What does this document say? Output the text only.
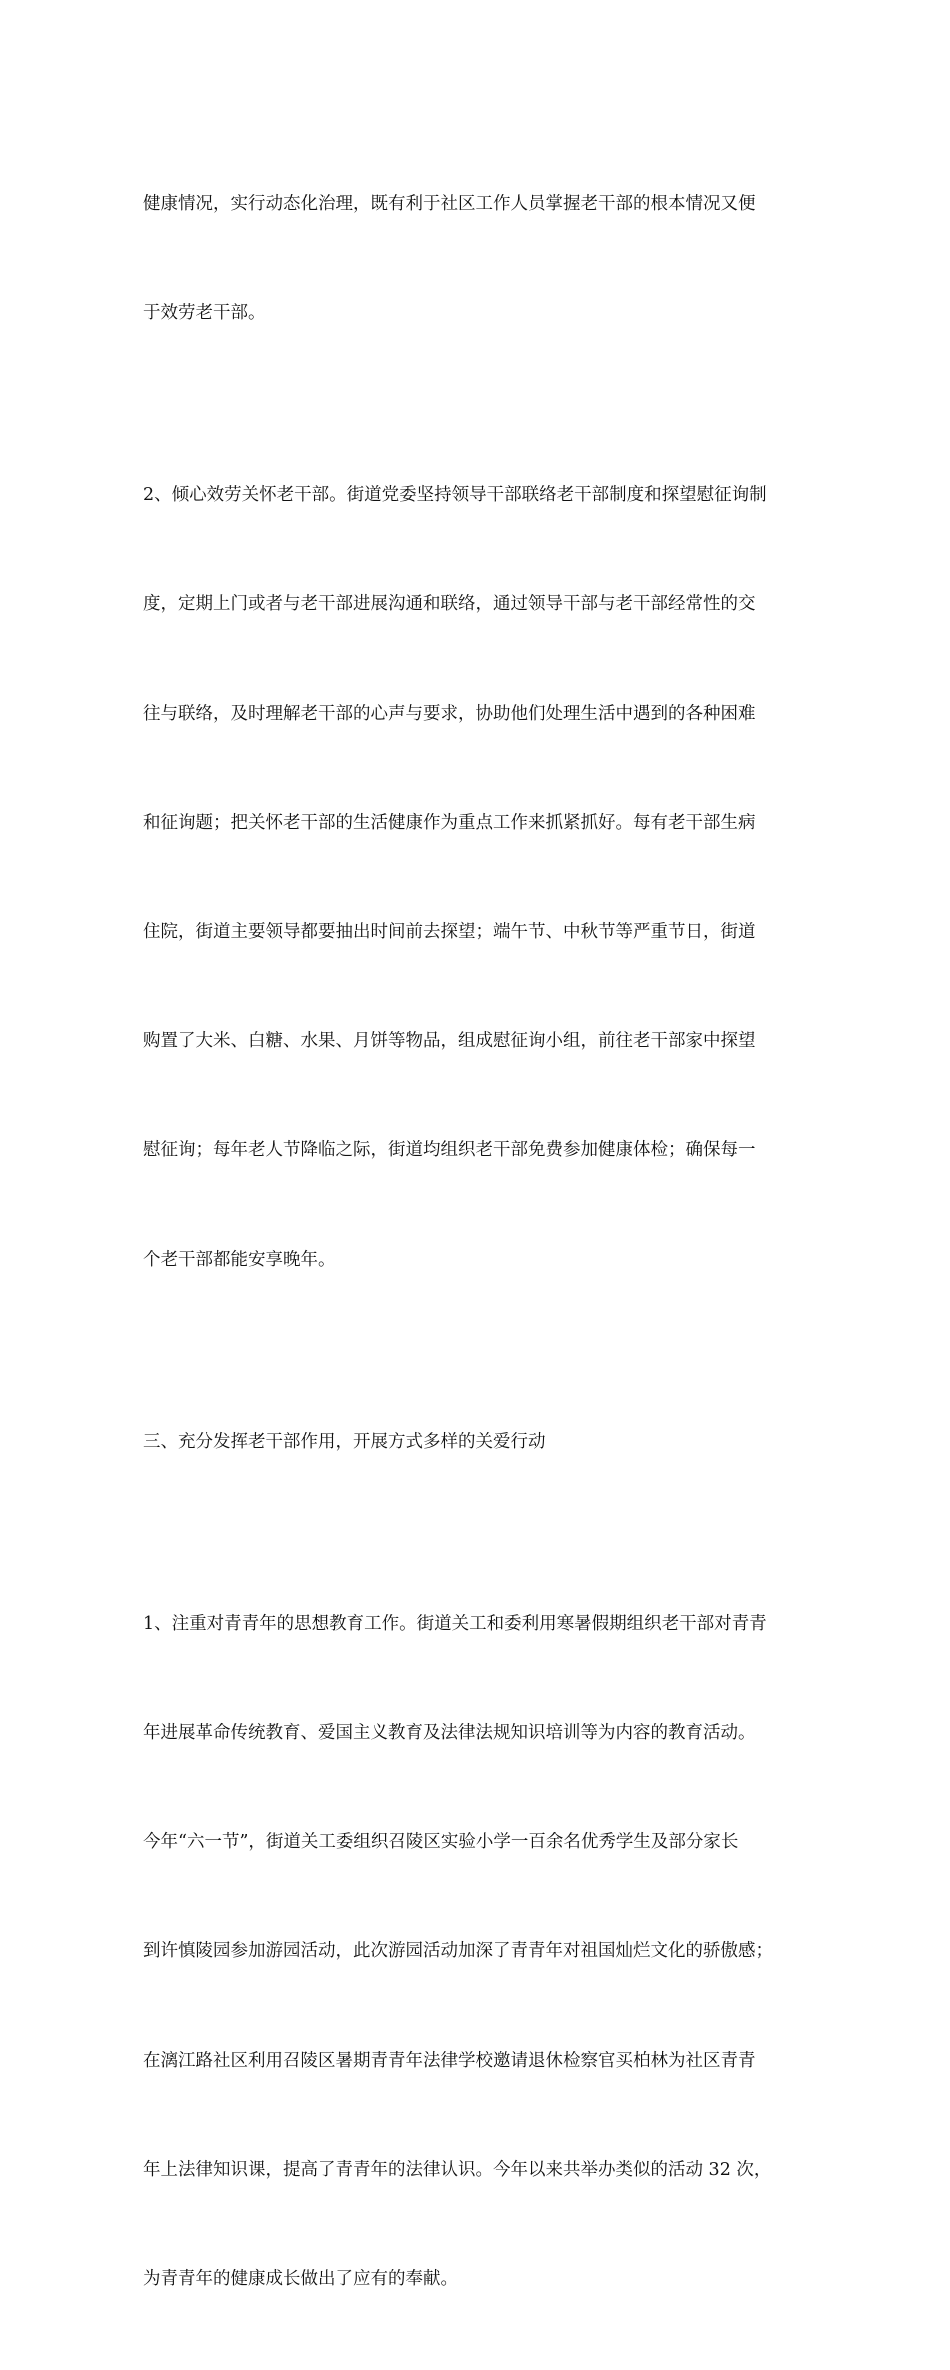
健康情况，实行动态化治理，既有利于社区工作人员掌握老干部的根本情况又便

于效劳老干部。

2、倾心效劳关怀老干部。街道党委坚持领导干部联络老干部制度和探望慰征询制

度，定期上门或者与老干部进展沟通和联络，通过领导干部与老干部经常性的交

往与联络，及时理解老干部的心声与要求，协助他们处理生活中遇到的各种困难

和征询题；把关怀老干部的生活健康作为重点工作来抓紧抓好。每有老干部生病

住院，街道主要领导都要抽出时间前去探望；端午节、中秋节等严重节日，街道

购置了大米、白糖、水果、月饼等物品，组成慰征询小组，前往老干部家中探望

慰征询；每年老人节降临之际，街道均组织老干部免费参加健康体检；确保每一

个老干部都能安享晚年。

三、充分发挥老干部作用，开展方式多样的关爱行动

1、注重对青青年的思想教育工作。街道关工和委利用寒暑假期组织老干部对青青

年进展革命传统教育、爱国主义教育及法律法规知识培训等为内容的教育活动。

今年“六一节”，街道关工委组织召陵区实验小学一百余名优秀学生及部分家长

到许慎陵园参加游园活动，此次游园活动加深了青青年对祖国灿烂文化的骄傲感；

在漓江路社区利用召陵区暑期青青年法律学校邀请退休检察官买柏林为社区青青

年上法律知识课，提高了青青年的法律认识。今年以来共举办类似的活动 32 次，

为青青年的健康成长做出了应有的奉献。
